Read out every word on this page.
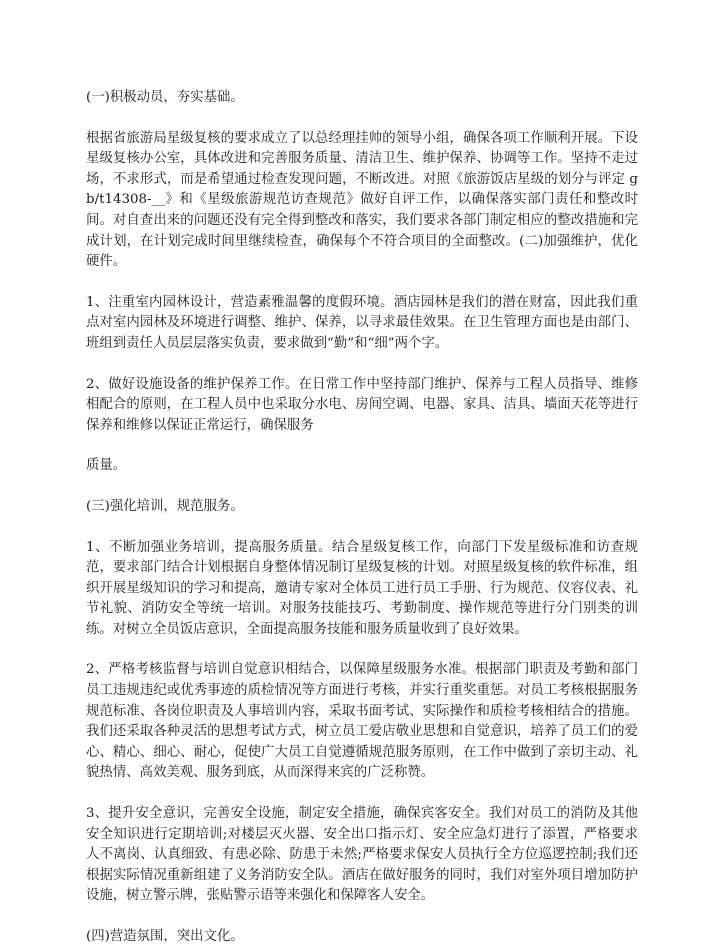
(一)积极动员，夯实基础。

根据省旅游局星级复核的要求成立了以总经理挂帅的领导小组，确保各项工作顺利开展。下设星级复核办公室，具体改进和完善服务质量、清洁卫生、维护保养、协调等工作。坚持不走过场，不求形式，而是希望通过检查发现问题，不断改进。对照《旅游饭店星级的划分与评定 gb/t14308-__》和《星级旅游规范访查规范》做好自评工作，以确保落实部门责任和整改时间。对自查出来的问题还没有完全得到整改和落实，我们要求各部门制定相应的整改措施和完成计划，在计划完成时间里继续检查，确保每个不符合项目的全面整改。(二)加强维护，优化硬件。

1、注重室内园林设计，营造素雅温馨的度假环境。酒店园林是我们的潜在财富，因此我们重点对室内园林及环境进行调整、维护、保养，以寻求最佳效果。在卫生管理方面也是由部门、班组到责任人员层层落实负责，要求做到“勤”和“细”两个字。

2、做好设施设备的维护保养工作。在日常工作中坚持部门维护、保养与工程人员指导、维修相配合的原则，在工程人员中也采取分水电、房间空调、电器、家具、洁具、墙面天花等进行保养和维修以保证正常运行，确保服务

质量。

(三)强化培训，规范服务。

1、不断加强业务培训，提高服务质量。结合星级复核工作，向部门下发星级标准和访查规范，要求部门结合计划根据自身整体情况制订星级复核的计划。对照星级复核的软件标准，组织开展星级知识的学习和提高，邀请专家对全体员工进行员工手册、行为规范、仪容仪表、礼节礼貌、消防安全等统一培训。对服务技能技巧、考勤制度、操作规范等进行分门别类的训练。对树立全员饭店意识，全面提高服务技能和服务质量收到了良好效果。

2、严格考核监督与培训自觉意识相结合，以保障星级服务水准。根据部门职责及考勤和部门员工违规违纪或优秀事迹的质检情况等方面进行考核，并实行重奖重惩。对员工考核根据服务规范标准、各岗位职责及人事培训内容，采取书面考试、实际操作和质检考核相结合的措施。我们还采取各种灵活的思想考试方式，树立员工爱店敬业思想和自觉意识，培养了员工们的爱心、精心、细心、耐心，促使广大员工自觉遵循规范服务原则，在工作中做到了亲切主动、礼貌热情、高效美观、服务到底，从而深得来宾的广泛称赞。

3、提升安全意识，完善安全设施，制定安全措施，确保宾客安全。我们对员工的消防及其他安全知识进行定期培训;对楼层灭火器、安全出口指示灯、安全应急灯进行了添置，严格要求人不离岗、认真细致、有患必除、防患于未然;严格要求保安人员执行全方位巡逻控制;我们还根据实际情况重新组建了义务消防安全队。酒店在做好服务的同时，我们对室外项目增加防护设施，树立警示牌，张贴警示语等来强化和保障客人安全。

(四)营造氛围，突出文化。
